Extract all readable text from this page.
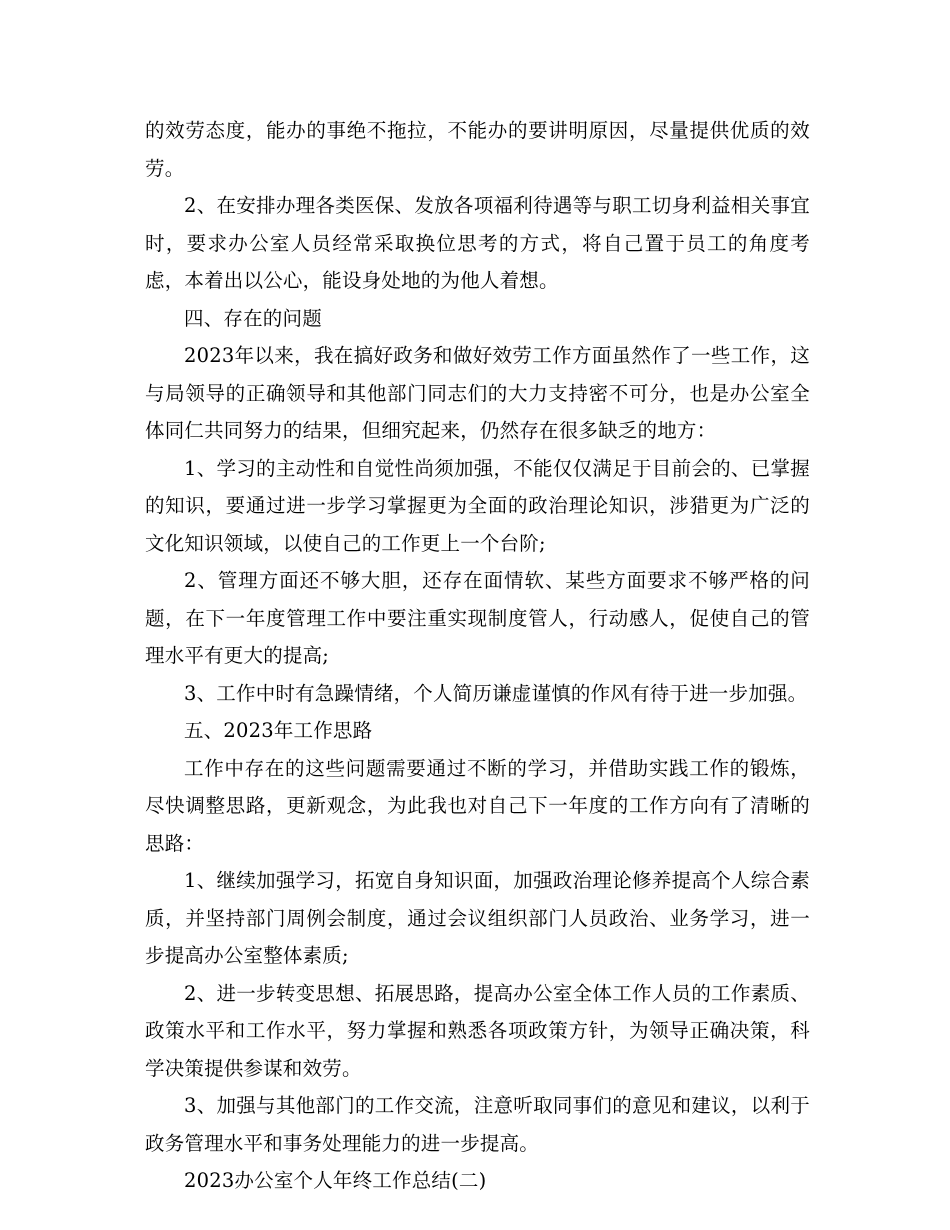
的效劳态度，能办的事绝不拖拉，不能办的要讲明原因，尽量提供优质的效劳。

2、在安排办理各类医保、发放各项福利待遇等与职工切身利益相关事宜时，要求办公室人员经常采取换位思考的方式，将自己置于员工的角度考虑，本着出以公心，能设身处地的为他人着想。

四、存在的问题

2023年以来，我在搞好政务和做好效劳工作方面虽然作了一些工作，这与局领导的正确领导和其他部门同志们的大力支持密不可分，也是办公室全体同仁共同努力的结果，但细究起来，仍然存在很多缺乏的地方：

1、学习的主动性和自觉性尚须加强，不能仅仅满足于目前会的、已掌握的知识，要通过进一步学习掌握更为全面的政治理论知识，涉猎更为广泛的文化知识领域，以使自己的工作更上一个台阶;

2、管理方面还不够大胆，还存在面情软、某些方面要求不够严格的问题，在下一年度管理工作中要注重实现制度管人，行动感人，促使自己的管理水平有更大的提高;

3、工作中时有急躁情绪，个人简历谦虚谨慎的作风有待于进一步加强。

五、2023年工作思路

工作中存在的这些问题需要通过不断的学习，并借助实践工作的锻炼，尽快调整思路，更新观念，为此我也对自己下一年度的工作方向有了清晰的思路：

1、继续加强学习，拓宽自身知识面，加强政治理论修养提高个人综合素质，并坚持部门周例会制度，通过会议组织部门人员政治、业务学习，进一步提高办公室整体素质;

2、进一步转变思想、拓展思路，提高办公室全体工作人员的工作素质、政策水平和工作水平，努力掌握和熟悉各项政策方针，为领导正确决策，科学决策提供参谋和效劳。

3、加强与其他部门的工作交流，注意听取同事们的意见和建议，以利于政务管理水平和事务处理能力的进一步提高。

2023办公室个人年终工作总结(二)
